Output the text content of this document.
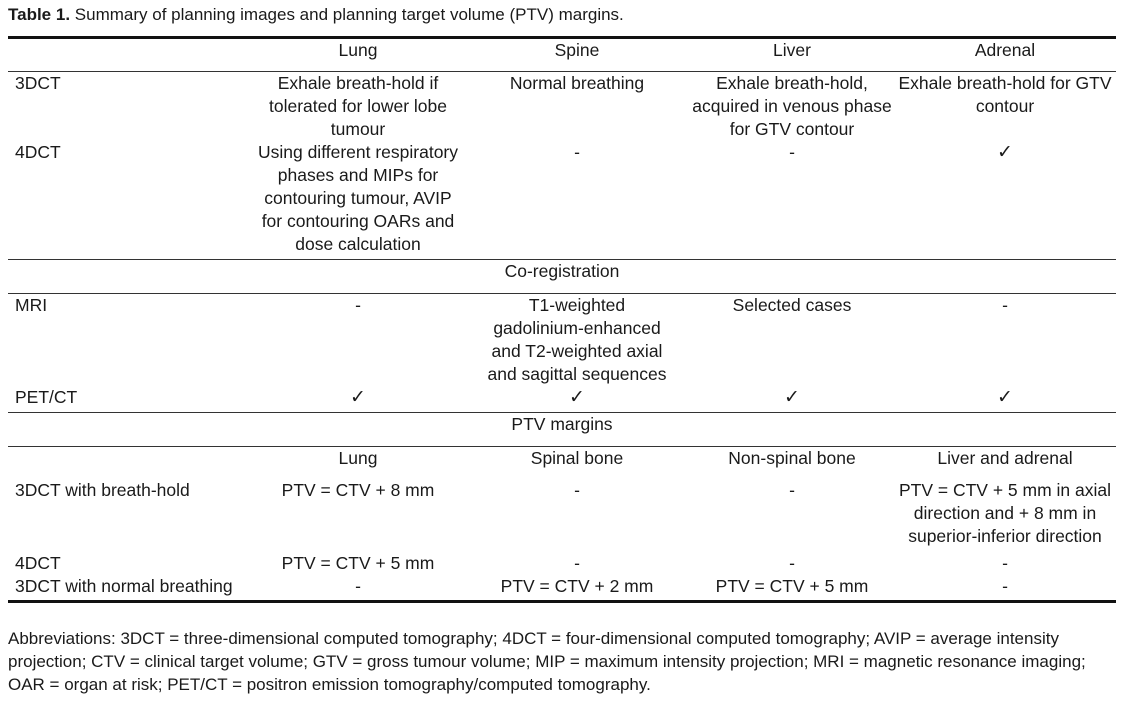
Table 1. Summary of planning images and planning target volume (PTV) margins.
	Lung	Spine	Liver	Adrenal
3DCT	Exhale breath-hold if tolerated for lower lobe tumour	Normal breathing	Exhale breath-hold, acquired in venous phase for GTV contour	Exhale breath-hold for GTV contour
4DCT	Using different respiratory phases and MIPs for contouring tumour, AVIP for contouring OARs and dose calculation	-	-	✓
Co-registration				
MRI	-	T1-weighted gadolinium-enhanced and T2-weighted axial and sagittal sequences	Selected cases	-
PET/CT	✓	✓	✓	✓
PTV margins				
	Lung	Spinal bone	Non-spinal bone	Liver and adrenal
3DCT with breath-hold	PTV = CTV + 8 mm	-	-	PTV = CTV + 5 mm in axial direction and + 8 mm in superior-inferior direction
4DCT	PTV = CTV + 5 mm	-	-	-
3DCT with normal breathing	-	PTV = CTV + 2 mm	PTV = CTV + 5 mm	-
Abbreviations: 3DCT = three-dimensional computed tomography; 4DCT = four-dimensional computed tomography; AVIP = average intensity projection; CTV = clinical target volume; GTV = gross tumour volume; MIP = maximum intensity projection; MRI = magnetic resonance imaging; OAR = organ at risk; PET/CT = positron emission tomography/computed tomography.
